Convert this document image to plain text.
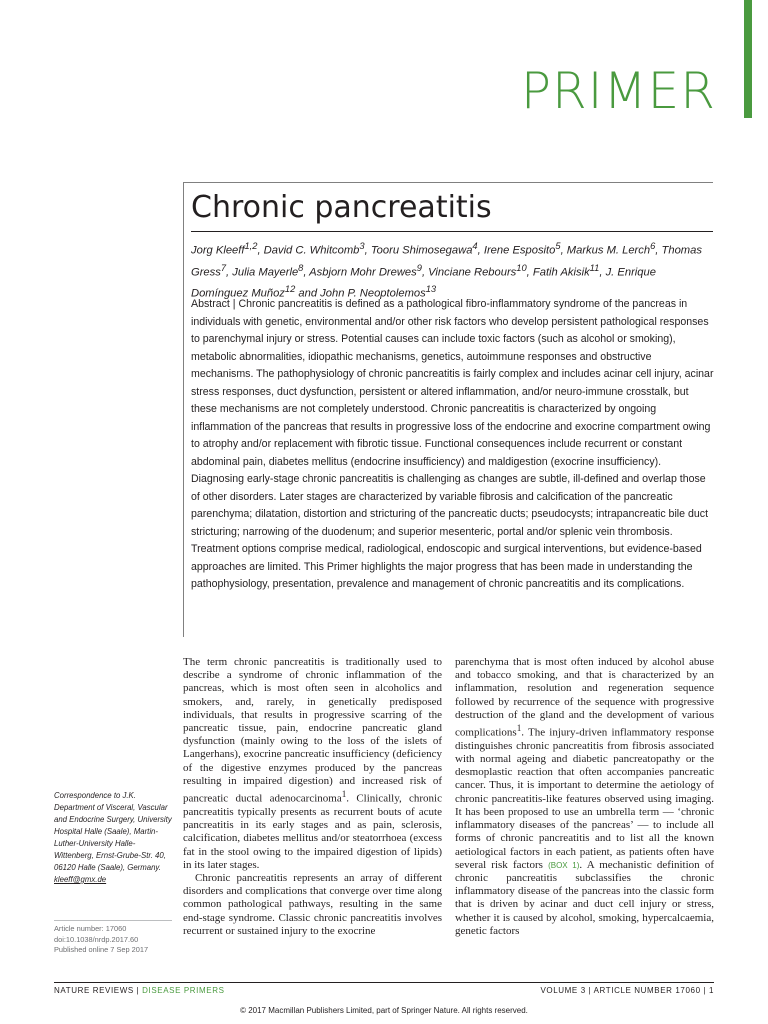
PRIMER
Chronic pancreatitis
Jorg Kleeff$^{1,2}$, David C. Whitcomb$^3$, Tooru Shimosegawa$^4$, Irene Esposito$^5$, Markus M. Lerch$^6$, Thomas Gress$^7$, Julia Mayerle$^8$, Asbjorn Mohr Drewes$^9$, Vinciane Rebours$^{10}$, Fatih Akisik$^{11}$, J. Enrique Domínguez Muñoz$^{12}$ and John P. Neoptolemos$^{13}$
Abstract | Chronic pancreatitis is defined as a pathological fibro-inflammatory syndrome of the pancreas in individuals with genetic, environmental and/or other risk factors who develop persistent pathological responses to parenchymal injury or stress. Potential causes can include toxic factors (such as alcohol or smoking), metabolic abnormalities, idiopathic mechanisms, genetics, autoimmune responses and obstructive mechanisms. The pathophysiology of chronic pancreatitis is fairly complex and includes acinar cell injury, acinar stress responses, duct dysfunction, persistent or altered inflammation, and/or neuro-immune crosstalk, but these mechanisms are not completely understood. Chronic pancreatitis is characterized by ongoing inflammation of the pancreas that results in progressive loss of the endocrine and exocrine compartment owing to atrophy and/or replacement with fibrotic tissue. Functional consequences include recurrent or constant abdominal pain, diabetes mellitus (endocrine insufficiency) and maldigestion (exocrine insufficiency). Diagnosing early-stage chronic pancreatitis is challenging as changes are subtle, ill-defined and overlap those of other disorders. Later stages are characterized by variable fibrosis and calcification of the pancreatic parenchyma; dilatation, distortion and stricturing of the pancreatic ducts; pseudocysts; intrapancreatic bile duct stricturing; narrowing of the duodenum; and superior mesenteric, portal and/or splenic vein thrombosis. Treatment options comprise medical, radiological, endoscopic and surgical interventions, but evidence-based approaches are limited. This Primer highlights the major progress that has been made in understanding the pathophysiology, presentation, prevalence and management of chronic pancreatitis and its complications.

The term chronic pancreatitis is traditionally used to describe a syndrome of chronic inflammation of the pancreas, which is most often seen in alcoholics and smokers, and, rarely, in genetically predisposed individuals, that results in progressive scarring of the pancreatic tissue, pain, endocrine pancreatic gland dysfunction (mainly owing to the loss of the islets of Langerhans), exocrine pancreatic insufficiency (deficiency of the digestive enzymes produced by the pancreas resulting in impaired digestion) and increased risk of pancreatic ductal adenocarcinoma$^1$. Clinically, chronic pancreatitis typically presents as recurrent bouts of acute pancreatitis in its early stages and as pain, sclerosis, calcification, diabetes mellitus and/or steatorrhoea (excess fat in the stool owing to the impaired digestion of lipids) in its later stages.

Chronic pancreatitis represents an array of different disorders and complications that converge over time along common pathological pathways, resulting in the same end-stage syndrome. Classic chronic pancreatitis involves recurrent or sustained injury to the exocrine

parenchyma that is most often induced by alcohol abuse and tobacco smoking, and that is characterized by an inflammation, resolution and regeneration sequence followed by recurrence of the sequence with progressive destruction of the gland and the development of various complications$^1$. The injury-driven inflammatory response distinguishes chronic pancreatitis from fibrosis associated with normal ageing and diabetic pancreatopathy or the desmoplastic reaction that often accompanies pancreatic cancer. Thus, it is important to determine the aetiology of chronic pancreatitis-like features observed using imaging. It has been proposed to use an umbrella term — ‘chronic inflammatory diseases of the pancreas’ — to include all forms of chronic pancreatitis and to list all the known aetiological factors in each patient, as patients often have several risk factors (BOX 1). A mechanistic definition of chronic pancreatitis subclassifies the chronic inflammatory disease of the pancreas into the classic form that is driven by acinar and duct cell injury or stress, whether it is caused by alcohol, smoking, hypercalcaemia, genetic factors

Correspondence to J.K. Department of Visceral, Vascular and Endocrine Surgery, University Hospital Halle (Saale), Martin-Luther-University Halle-Wittenberg, Ernst-Grube-Str. 40, 06120 Halle (Saale), Germany.
kleeff@gmx.de
Article number: 17060
doi:10.1038/nrdp.2017.60
Published online 7 Sep 2017
NATURE REVIEWS | DISEASE PRIMERS	VOLUME 3 | ARTICLE NUMBER 17060 | 1
© 2017 Macmillan Publishers Limited, part of Springer Nature. All rights reserved.
